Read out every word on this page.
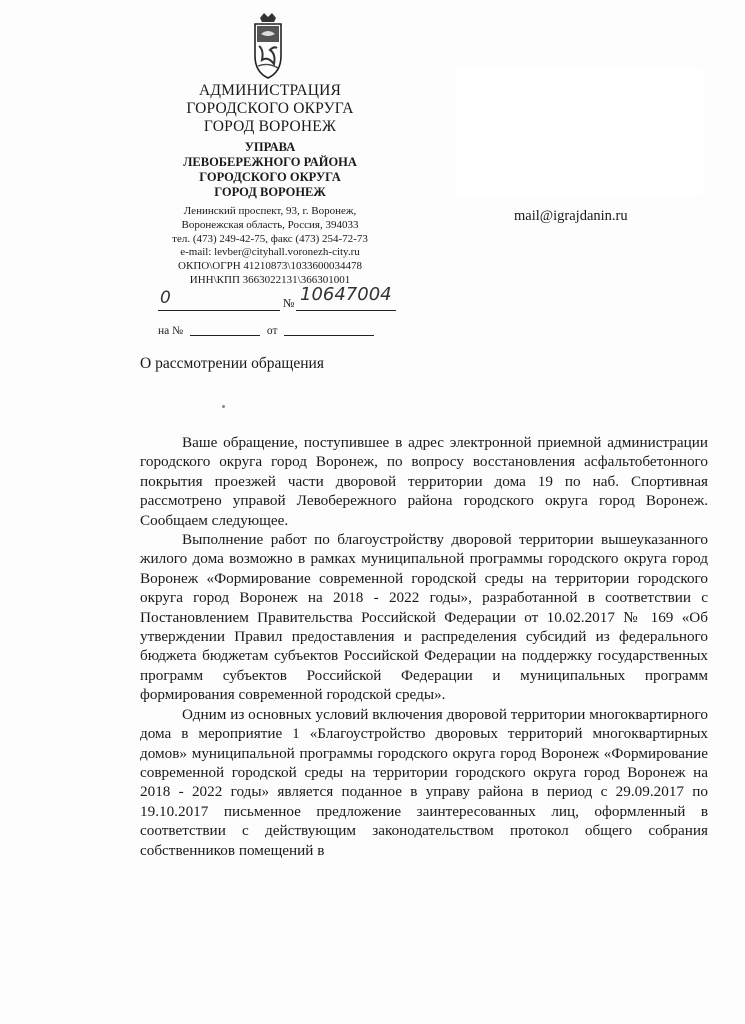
АДМИНИСТРАЦИЯ
ГОРОДСКОГО ОКРУГА
ГОРОД ВОРОНЕЖ
УПРАВА
ЛЕВОБЕРЕЖНОГО РАЙОНА
ГОРОДСКОГО ОКРУГА
ГОРОД ВОРОНЕЖ
Ленинский проспект, 93, г. Воронеж,
Воронежская область, Россия, 394033
тел. (473) 249-42-75, факс (473) 254-72-73
e-mail: levber@cityhall.voronezh-city.ru
ОКПО\ОГРН 41210873\1033600034478
ИНН\КПП 3663022131\366301001
mail@igrajdanin.ru
0	№ 10647004
на №	от
О рассмотрении обращения

Ваше обращение, поступившее в адрес электронной приемной администрации городского округа город Воронеж, по вопросу восстановления асфальтобетонного покрытия проезжей части дворовой территории дома 19 по наб. Спортивная рассмотрено управой Левобережного района городского округа город Воронеж. Сообщаем следующее.

Выполнение работ по благоустройству дворовой территории вышеуказанного жилого дома возможно в рамках муниципальной программы городского округа город Воронеж «Формирование современной городской среды на территории городского округа город Воронеж на 2018 - 2022 годы», разработанной в соответствии с Постановлением Правительства Российской Федерации от 10.02.2017 № 169 «Об утверждении Правил предоставления и распределения субсидий из федерального бюджета бюджетам субъектов Российской Федерации на поддержку государственных программ субъектов Российской Федерации и муниципальных программ формирования современной городской среды».

Одним из основных условий включения дворовой территории многоквартирного дома в мероприятие 1 «Благоустройство дворовых территорий многоквартирных домов» муниципальной программы городского округа город Воронеж «Формирование современной городской среды на территории городского округа город Воронеж на 2018 - 2022 годы» является поданное в управу района в период с 29.09.2017 по 19.10.2017 письменное предложение заинтересованных лиц, оформленный в соответствии с действующим законодательством протокол общего собрания собственников помещений в
